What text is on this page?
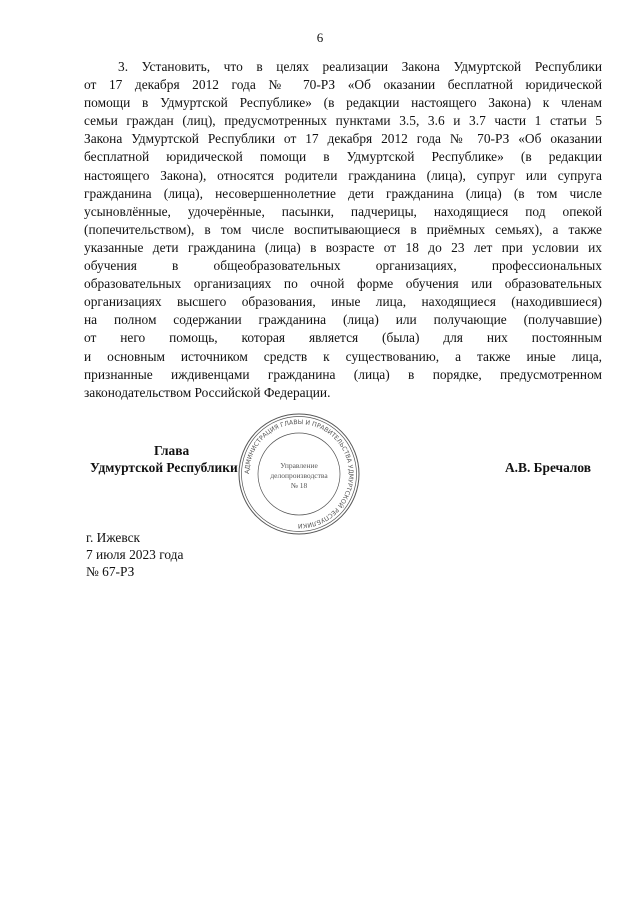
6
3. Установить, что в целях реализации Закона Удмуртской Республики
от 17 декабря 2012 года № 70-РЗ «Об оказании бесплатной юридической
помощи в Удмуртской Республике» (в редакции настоящего Закона) к членам
семьи граждан (лиц), предусмотренных пунктами 3.5, 3.6 и 3.7 части 1 статьи 5
Закона Удмуртской Республики от 17 декабря 2012 года № 70-РЗ «Об оказании
бесплатной юридической помощи в Удмуртской Республике» (в редакции
настоящего Закона), относятся родители гражданина (лица), супруг или супруга
гражданина (лица), несовершеннолетние дети гражданина (лица) (в том числе
усыновлённые, удочерённые, пасынки, падчерицы, находящиеся под опекой
(попечительством), в том числе воспитывающиеся в приёмных семьях), а также
указанные дети гражданина (лица) в возрасте от 18 до 23 лет при условии их
обучения в общеобразовательных организациях, профессиональных
образовательных организациях по очной форме обучения или образовательных
организациях высшего образования, иные лица, находящиеся (находившиеся)
на полном содержании гражданина (лица) или получающие (получавшие)
от него помощь, которая является (была) для них постоянным
и основным источником средств к существованию, а также иные лица,
признанные иждивенцами гражданина (лица) в порядке, предусмотренном
законодательством Российской Федерации.
Глава
Удмуртской Республики АДМИНИСТРАЦИЯ ГЛАВЫ И ПРАВИТЕЛЬСТВА УДМУРТСКОЙ РЕСПУБЛИКИ
Управление
делопроизводства
№ 18
А.В. Бречалов
г. Ижевск
7 июля 2023 года
№ 67-РЗ
